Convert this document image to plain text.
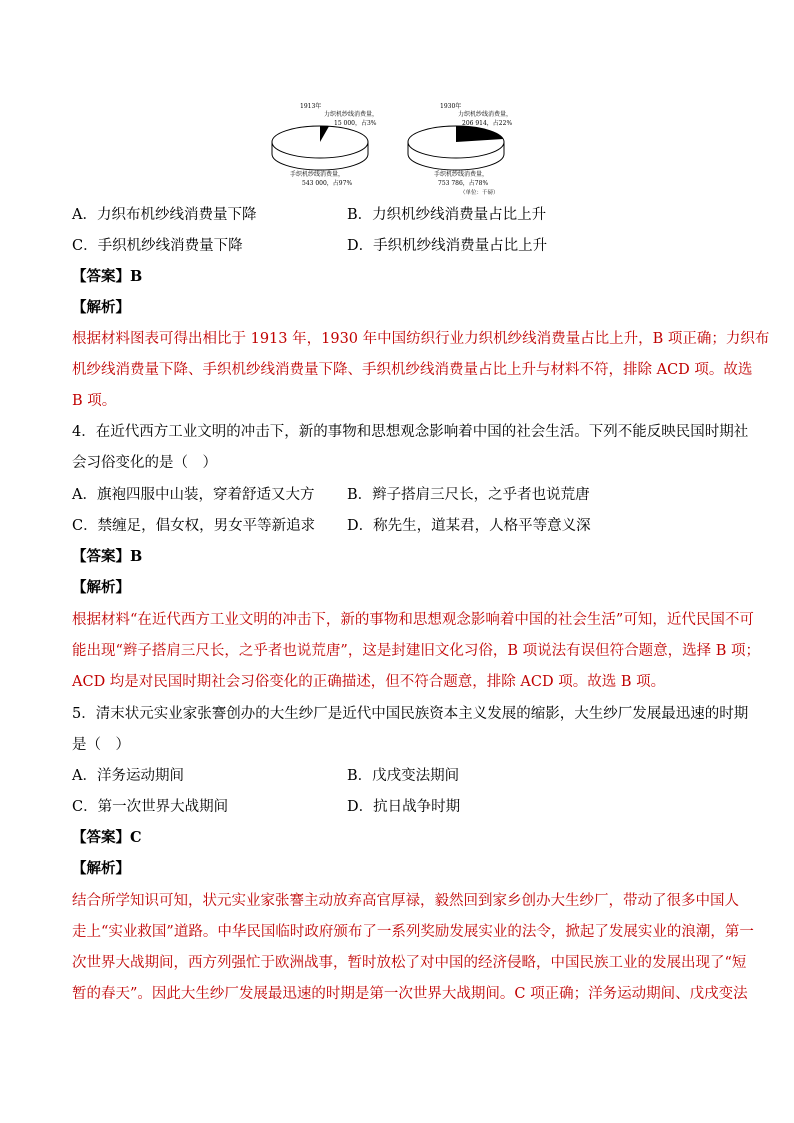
1913年
力织机纱线消费量，
15 000，占3%
手织机纱线消费量，
543 000，占97%
1930年
力织机纱线消费量，
206 914，占22%
手织机纱线消费量，
753 786，占78%
（单位：千磅）
A．力织布机纱线消费量下降	B．力织机纱线消费量占比上升
C．手织机纱线消费量下降	D．手织机纱线消费量占比上升
【答案】B
【解析】
根据材料图表可得出相比于 1913 年，1930 年中国纺织行业力织机纱线消费量占比上升，B 项正确；力织布
机纱线消费量下降、手织机纱线消费量下降、手织机纱线消费量占比上升与材料不符，排除 ACD 项。故选
B 项。
4．在近代西方工业文明的冲击下，新的事物和思想观念影响着中国的社会生活。下列不能反映民国时期社
会习俗变化的是（　）
A．旗袍四服中山装，穿着舒适又大方 B．辫子搭肩三尺长，之乎者也说荒唐
C．禁缠足，倡女权，男女平等新追求 D．称先生，道某君，人格平等意义深
【答案】B
【解析】
根据材料“在近代西方工业文明的冲击下，新的事物和思想观念影响着中国的社会生活”可知，近代民国不可
能出现“辫子搭肩三尺长，之乎者也说荒唐”，这是封建旧文化习俗，B 项说法有误但符合题意，选择 B 项；
ACD 均是对民国时期社会习俗变化的正确描述，但不符合题意，排除 ACD 项。故选 B 项。
5．清末状元实业家张謇创办的大生纱厂是近代中国民族资本主义发展的缩影，大生纱厂发展最迅速的时期
是（　）
A．洋务运动期间	B．戊戌变法期间
C．第一次世界大战期间	D．抗日战争时期
【答案】C
【解析】
结合所学知识可知，状元实业家张謇主动放弃高官厚禄，毅然回到家乡创办大生纱厂，带动了很多中国人
走上“实业救国”道路。中华民国临时政府颁布了一系列奖励发展实业的法令，掀起了发展实业的浪潮，第一
次世界大战期间，西方列强忙于欧洲战事，暂时放松了对中国的经济侵略，中国民族工业的发展出现了“短
暂的春天”。因此大生纱厂发展最迅速的时期是第一次世界大战期间。C 项正确；洋务运动期间、戊戌变法
